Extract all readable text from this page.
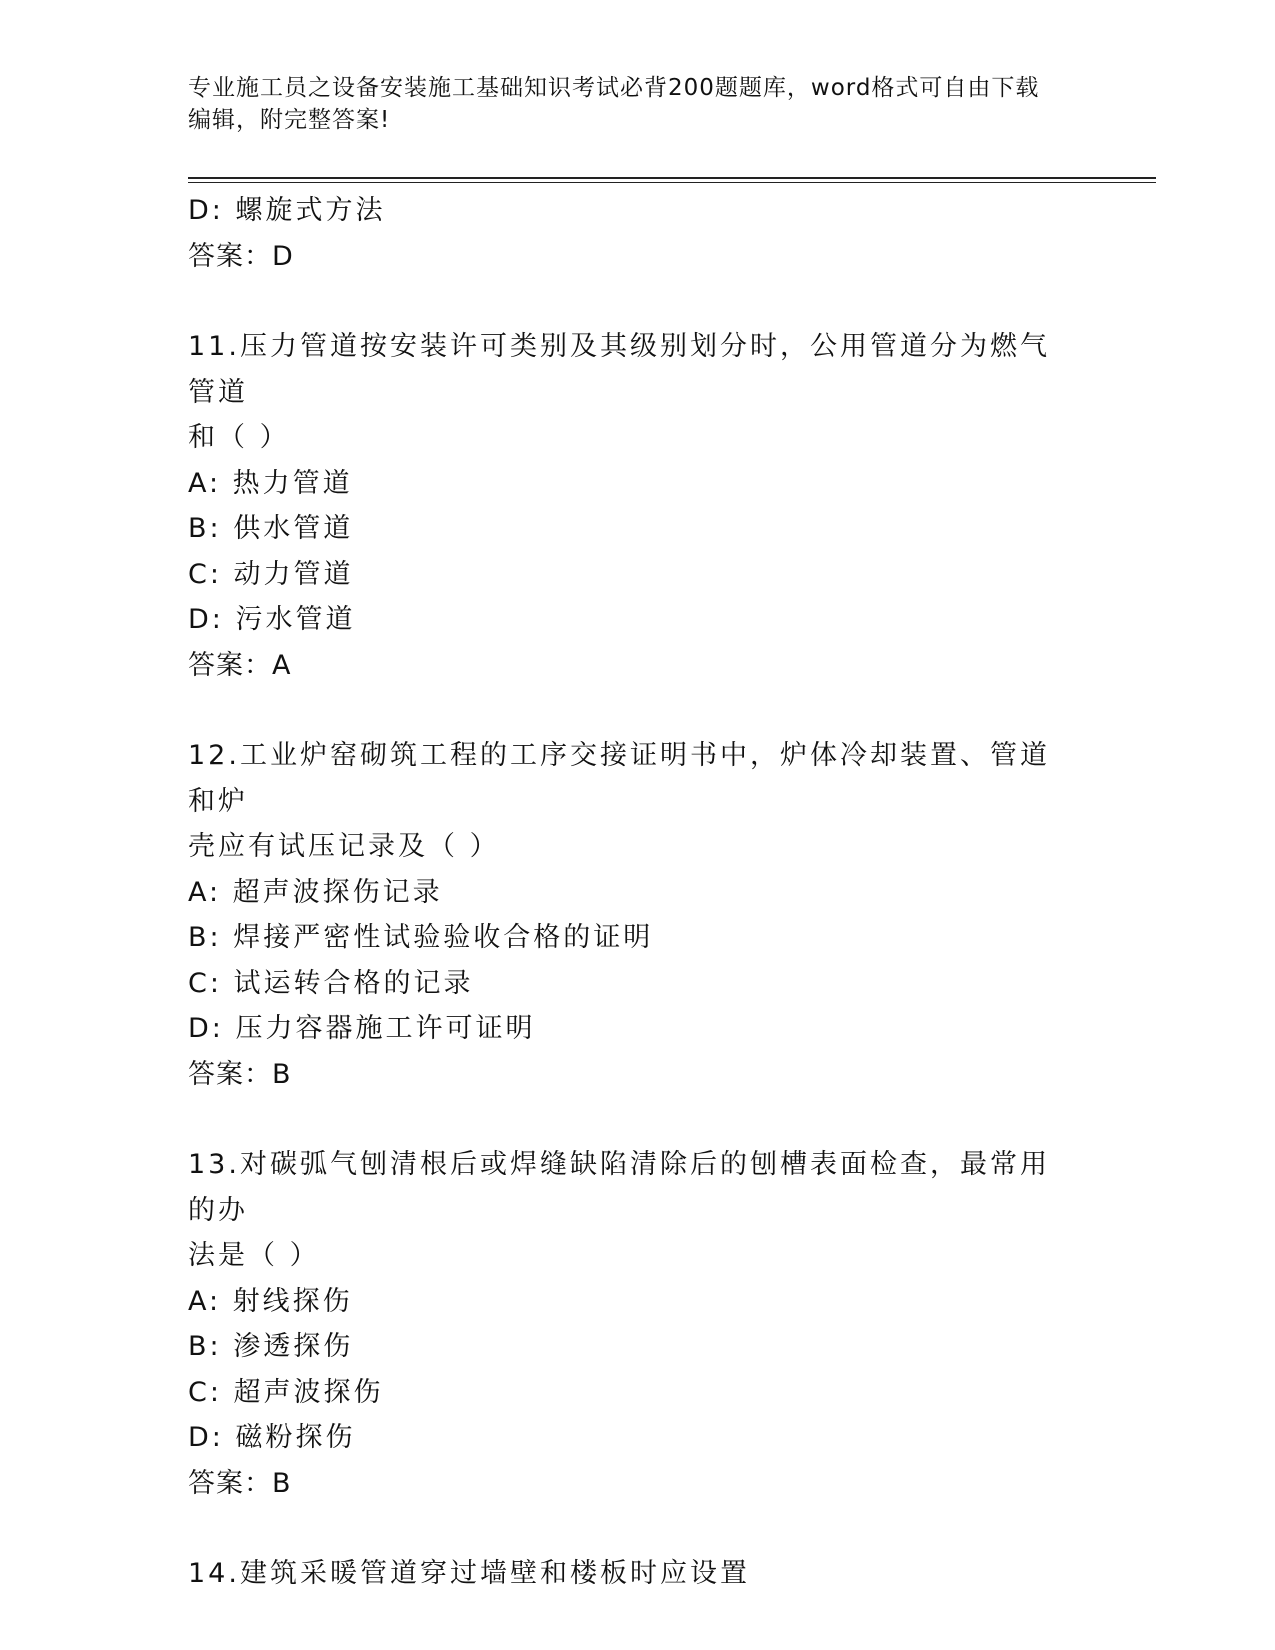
专业施工员之设备安装施工基础知识考试必背200题题库，word格式可自由下载
编辑，附完整答案!
D: 螺旋式方法
答案：D
11.压力管道按安装许可类别及其级别划分时，公用管道分为燃气管道
和（ ）
A: 热力管道
B: 供水管道
C: 动力管道
D: 污水管道
答案：A
12.工业炉窑砌筑工程的工序交接证明书中，炉体冷却装置、管道和炉
壳应有试压记录及（ ）
A: 超声波探伤记录
B: 焊接严密性试验验收合格的证明
C: 试运转合格的记录
D: 压力容器施工许可证明
答案：B
13.对碳弧气刨清根后或焊缝缺陷清除后的刨槽表面检查，最常用的办
法是（ ）
A: 射线探伤
B: 渗透探伤
C: 超声波探伤
D: 磁粉探伤
答案：B
14.建筑采暖管道穿过墙壁和楼板时应设置
